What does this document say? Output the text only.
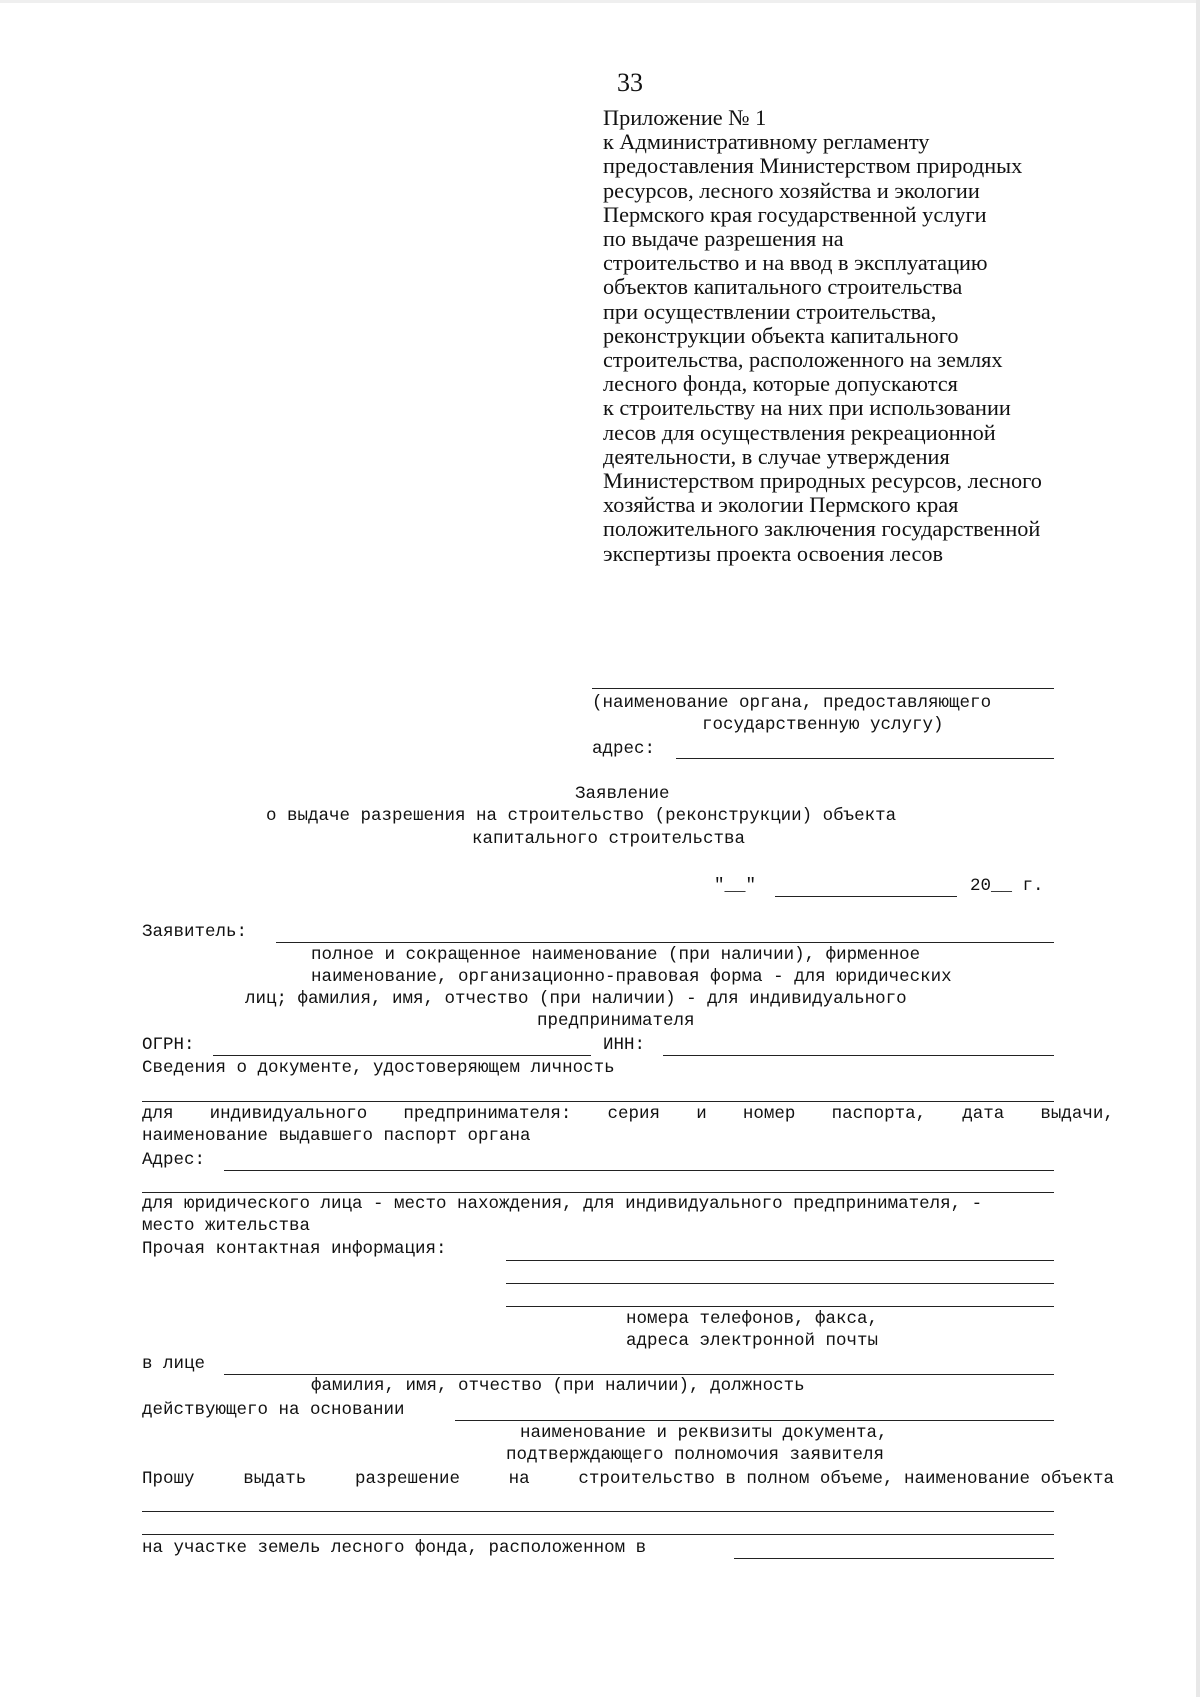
33
Приложение № 1
к Административному регламенту
предоставления Министерством природных
ресурсов, лесного хозяйства и экологии
Пермского края государственной услуги
по выдаче разрешения на
строительство и на ввод в эксплуатацию
объектов капитального строительства
при осуществлении строительства,
реконструкции объекта капитального
строительства, расположенного на землях
лесного фонда, которые допускаются
к строительству на них при использовании
лесов для осуществления рекреационной
деятельности, в случае утверждения
Министерством природных ресурсов, лесного
хозяйства и экологии Пермского края
положительного заключения государственной
экспертизы проекта освоения лесов
(наименование органа, предоставляющего
государственную услугу)
адрес:
Заявление
о выдаче разрешения на строительство (реконструкции) объекта
капитального строительства
"__"	20__ г.
Заявитель:
полное и сокращенное наименование (при наличии), фирменное
наименование, организационно-правовая форма - для юридических
лиц; фамилия, имя, отчество (при наличии) - для индивидуального
предпринимателя
ОГРН:	ИНН:
Сведения о документе, удостоверяющем личность
для индивидуального предпринимателя: серия и номер паспорта, дата выдачи,
наименование выдавшего паспорт органа
Адрес:
для юридического лица - место нахождения, для индивидуального предпринимателя, -
место жительства
Прочая контактная информация:
номера телефонов, факса,
адреса электронной почты
в лице
фамилия, имя, отчество (при наличии), должность
действующего на основании
наименование и реквизиты документа,
подтверждающего полномочия заявителя
Прошу	выдать	разрешение	на	строительство в полном объеме, наименование объекта
на участке земель лесного фонда, расположенном в
